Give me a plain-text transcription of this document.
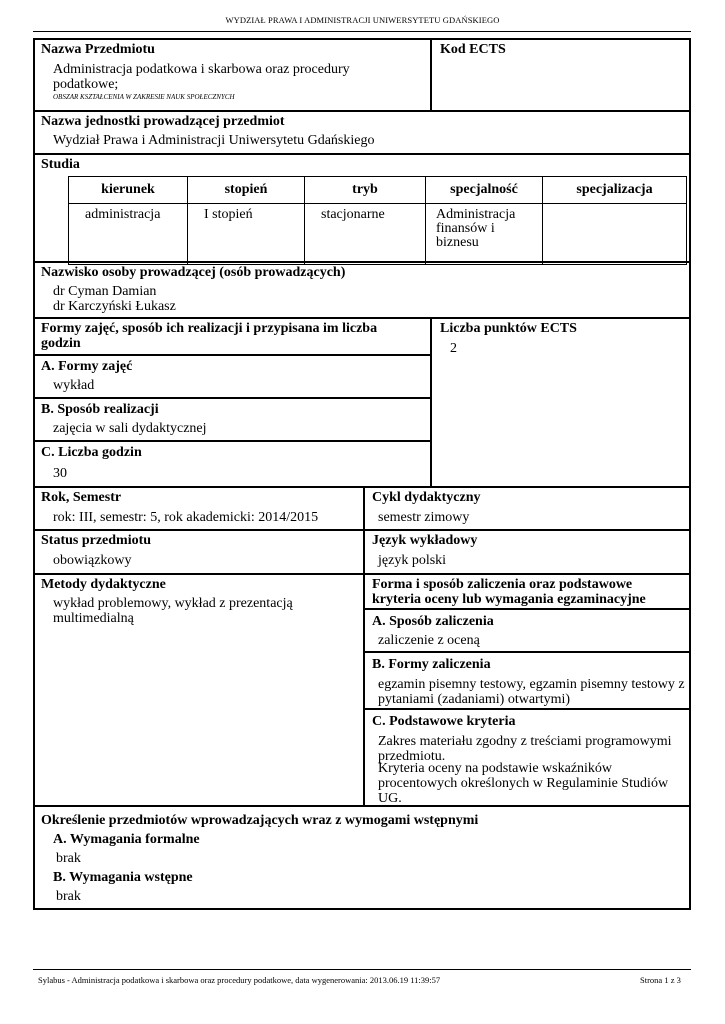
WYDZIAŁ PRAWA I ADMINISTRACJI UNIWERSYTETU GDAŃSKIEGO
Nazwa Przedmiotu
Administracja podatkowa i skarbowa oraz procedury podatkowe;
OBSZAR KSZTAŁCENIA W ZAKRESIE NAUK SPOŁECZNYCH
Kod ECTS
Nazwa jednostki prowadzącej przedmiot
Wydział Prawa i Administracji Uniwersytetu Gdańskiego
Studia
kierunek	stopień	tryb	specjalność	specjalizacja
administracja	I stopień	stacjonarne	Administracja finansów i biznesu	
Nazwisko osoby prowadzącej (osób prowadzących)
dr Cyman Damian
dr Karczyński Łukasz
Formy zajęć, sposób ich realizacji i przypisana im liczba godzin
A. Formy zajęć
wykład
B. Sposób realizacji
zajęcia w sali dydaktycznej
C. Liczba godzin
30
Liczba punktów ECTS
2
Rok, Semestr
rok: III, semestr: 5, rok akademicki: 2014/2015
Cykl dydaktyczny
semestr zimowy
Status przedmiotu
obowiązkowy
Język wykładowy
język polski
Metody dydaktyczne
wykład problemowy, wykład z prezentacją multimedialną
Forma i sposób zaliczenia oraz podstawowe kryteria oceny lub wymagania egzaminacyjne
A. Sposób zaliczenia
zaliczenie z oceną
B. Formy zaliczenia
egzamin pisemny testowy, egzamin pisemny testowy z pytaniami (zadaniami) otwartymi)
C. Podstawowe kryteria
Zakres materiału zgodny z treściami programowymi przedmiotu.
Kryteria oceny na podstawie wskaźników procentowych określonych w Regulaminie Studiów UG.
Określenie przedmiotów wprowadzających wraz z wymogami wstępnymi
A. Wymagania formalne
brak
B. Wymagania wstępne
brak
Sylabus - Administracja podatkowa i skarbowa oraz procedury podatkowe, data wygenerowania: 2013.06.19 11:39:57	Strona 1 z 3
